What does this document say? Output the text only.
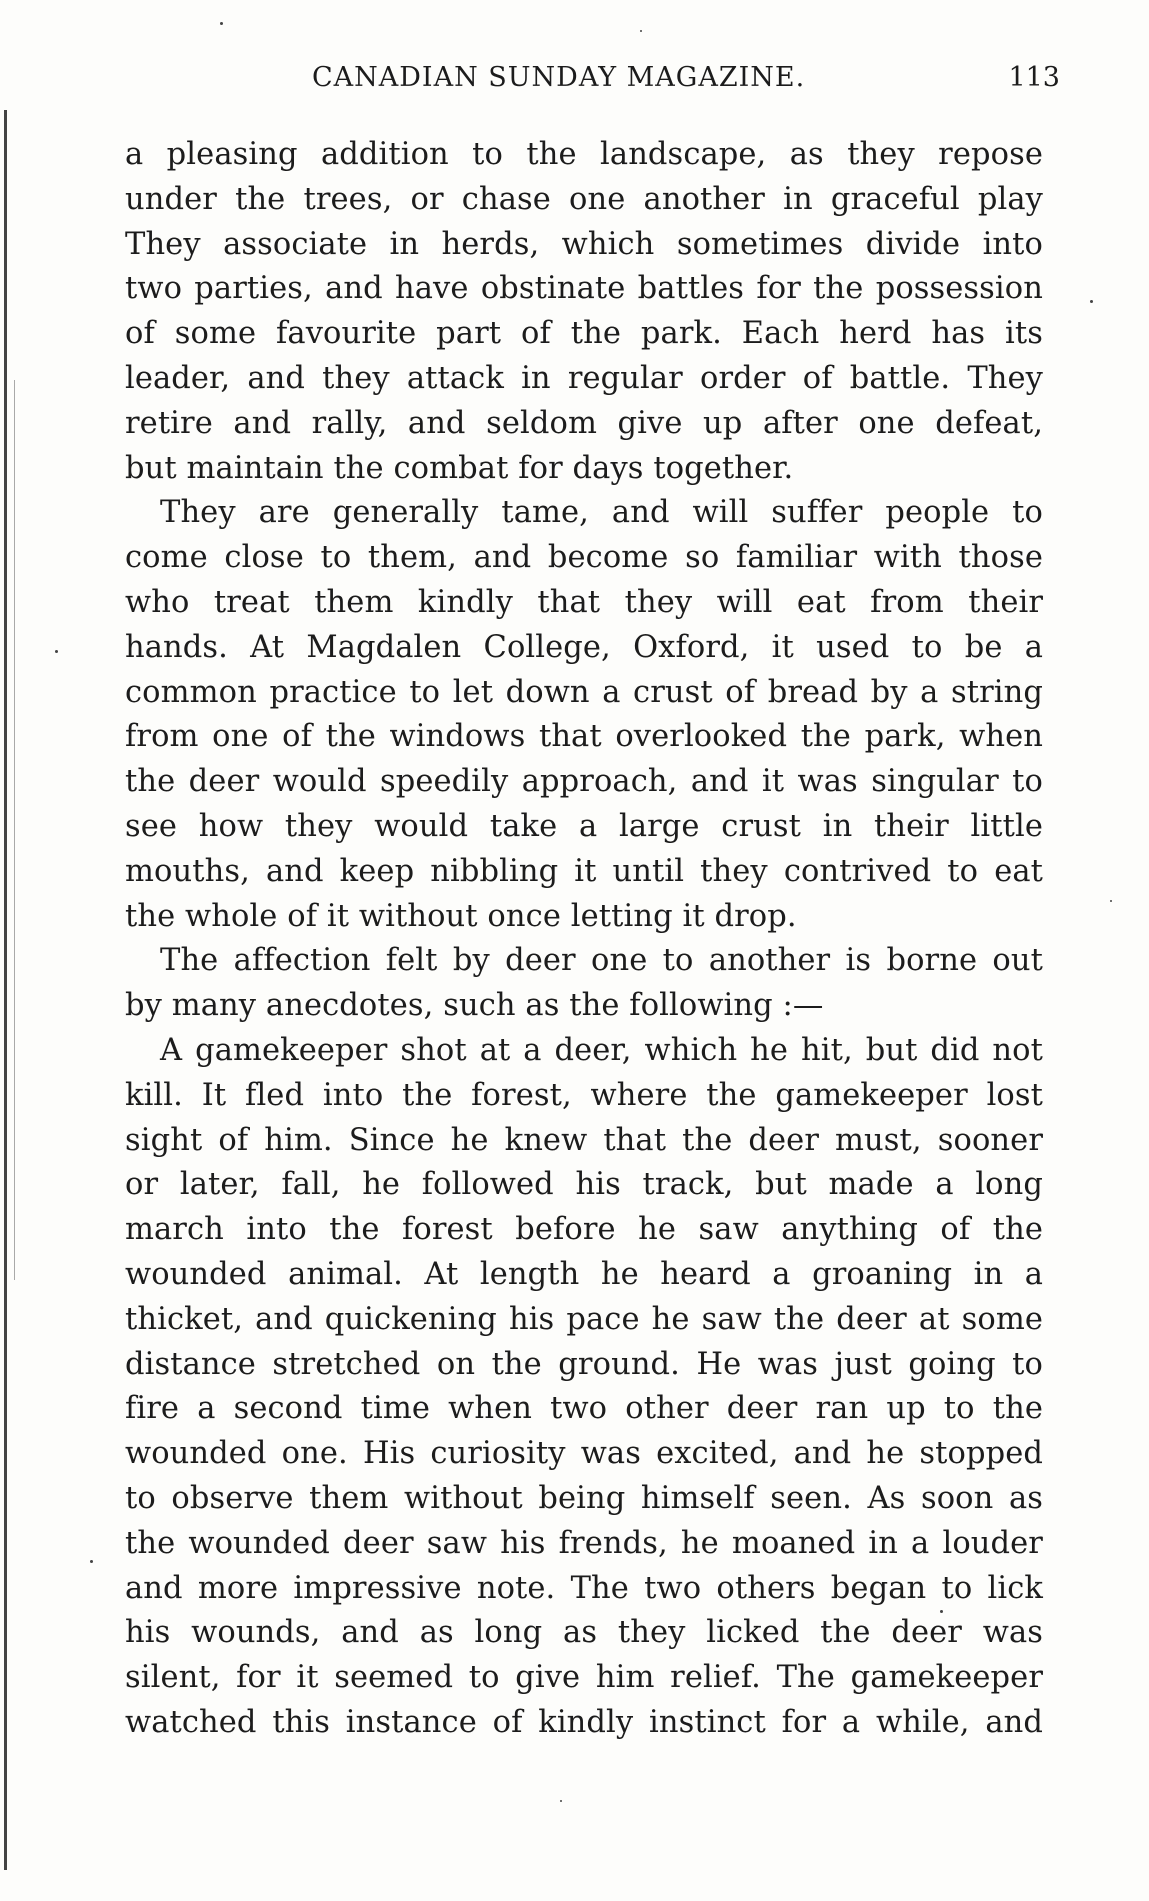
CANADIAN SUNDAY MAGAZINE.	113
a pleasing addition to the landscape, as they repose
under the trees, or chase one another in graceful play
They associate in herds, which sometimes divide into
two parties, and have obstinate battles for the possession
of some favourite part of the park. Each herd has its
leader, and they attack in regular order of battle. They
retire and rally, and seldom give up after one defeat,
but maintain the combat for days together.
They are generally tame, and will suffer people to
come close to them, and become so familiar with those
who treat them kindly that they will eat from their
hands. At Magdalen College, Oxford, it used to be a
common practice to let down a crust of bread by a string
from one of the windows that overlooked the park, when
the deer would speedily approach, and it was singular to
see how they would take a large crust in their little
mouths, and keep nibbling it until they contrived to eat
the whole of it without once letting it drop.
The affection felt by deer one to another is borne out
by many anecdotes, such as the following :—
A gamekeeper shot at a deer, which he hit, but did not
kill. It fled into the forest, where the gamekeeper lost
sight of him. Since he knew that the deer must, sooner
or later, fall, he followed his track, but made a long
march into the forest before he saw anything of the
wounded animal. At length he heard a groaning in a
thicket, and quickening his pace he saw the deer at some
distance stretched on the ground. He was just going to
fire a second time when two other deer ran up to the
wounded one. His curiosity was excited, and he stopped
to observe them without being himself seen. As soon as
the wounded deer saw his frends, he moaned in a louder
and more impressive note. The two others began to lick
his wounds, and as long as they licked the deer was
silent, for it seemed to give him relief. The gamekeeper
watched this instance of kindly instinct for a while, and
